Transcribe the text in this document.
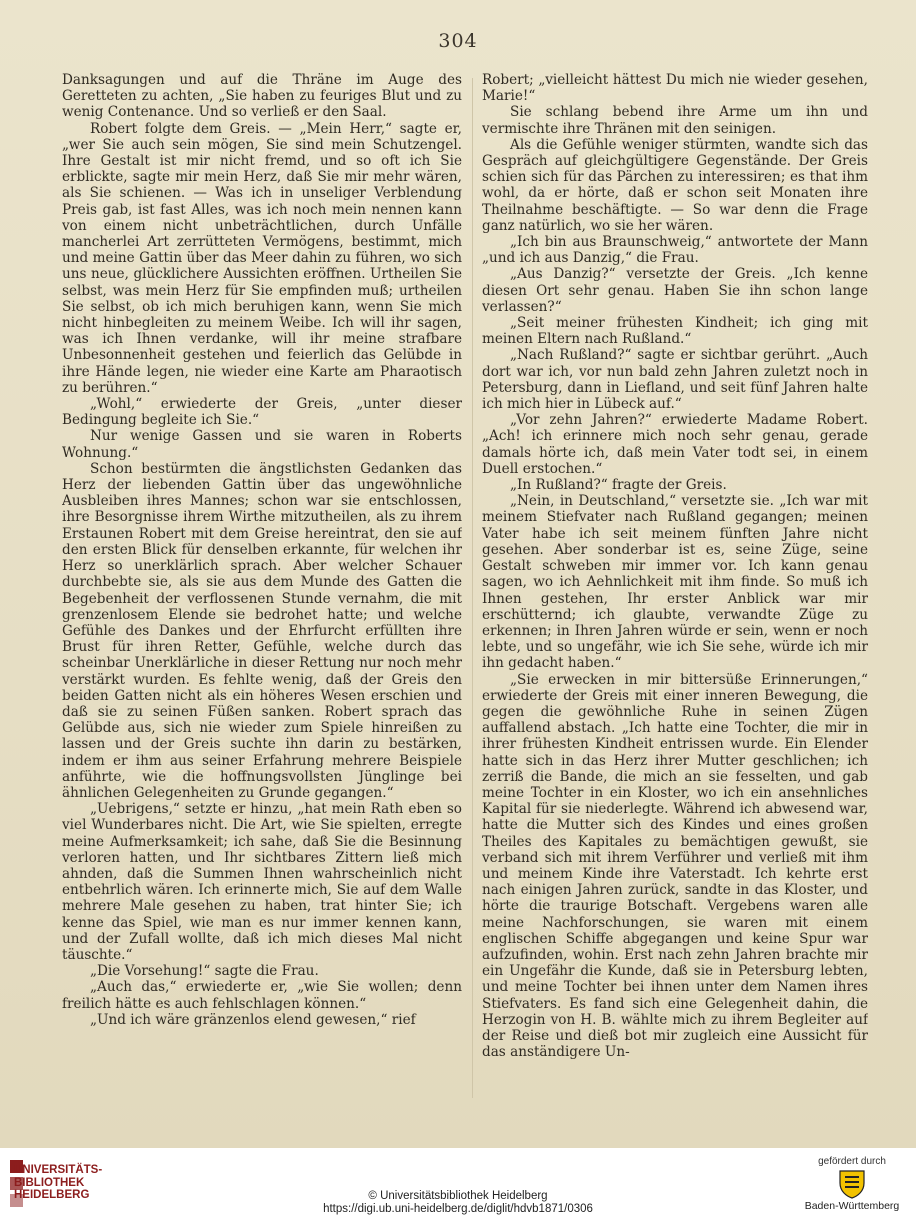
304

Danksagungen und auf die Thräne im Auge des Geretteten zu achten, „Sie haben zu feuriges Blut und zu wenig Contenance. Und so verließ er den Saal.

Robert folgte dem Greis. — „Mein Herr,“ sagte er, „wer Sie auch sein mögen, Sie sind mein Schutzengel. Ihre Gestalt ist mir nicht fremd, und so oft ich Sie erblickte, sagte mir mein Herz, daß Sie mir mehr wären, als Sie schienen. — Was ich in unseliger Verblendung Preis gab, ist fast Alles, was ich noch mein nennen kann von einem nicht unbeträchtlichen, durch Unfälle mancherlei Art zerrütteten Vermögens, bestimmt, mich und meine Gattin über das Meer dahin zu führen, wo sich uns neue, glücklichere Aussichten eröffnen. Urtheilen Sie selbst, was mein Herz für Sie empfinden muß; urtheilen Sie selbst, ob ich mich beruhigen kann, wenn Sie mich nicht hinbegleiten zu meinem Weibe. Ich will ihr sagen, was ich Ihnen verdanke, will ihr meine strafbare Unbesonnenheit gestehen und feierlich das Gelübde in ihre Hände legen, nie wieder eine Karte am Pharaotisch zu berühren.“

„Wohl,“ erwiederte der Greis, „unter dieser Bedingung begleite ich Sie.“

Nur wenige Gassen und sie waren in Roberts Wohnung.“

Schon bestürmten die ängstlichsten Gedanken das Herz der liebenden Gattin über das ungewöhnliche Ausbleiben ihres Mannes; schon war sie entschlossen, ihre Besorgnisse ihrem Wirthe mitzutheilen, als zu ihrem Erstaunen Robert mit dem Greise hereintrat, den sie auf den ersten Blick für denselben erkannte, für welchen ihr Herz so unerklärlich sprach. Aber welcher Schauer durchbebte sie, als sie aus dem Munde des Gatten die Begebenheit der verflossenen Stunde vernahm, die mit grenzenlosem Elende sie bedrohet hatte; und welche Gefühle des Dankes und der Ehrfurcht erfüllten ihre Brust für ihren Retter, Gefühle, welche durch das scheinbar Unerklärliche in dieser Rettung nur noch mehr verstärkt wurden. Es fehlte wenig, daß der Greis den beiden Gatten nicht als ein höheres Wesen erschien und daß sie zu seinen Füßen sanken. Robert sprach das Gelübde aus, sich nie wieder zum Spiele hinreißen zu lassen und der Greis suchte ihn darin zu bestärken, indem er ihm aus seiner Erfahrung mehrere Beispiele anführte, wie die hoffnungsvollsten Jünglinge bei ähnlichen Gelegenheiten zu Grunde gegangen.“

„Uebrigens,“ setzte er hinzu, „hat mein Rath eben so viel Wunderbares nicht. Die Art, wie Sie spielten, erregte meine Aufmerksamkeit; ich sahe, daß Sie die Besinnung verloren hatten, und Ihr sichtbares Zittern ließ mich ahnden, daß die Summen Ihnen wahrscheinlich nicht entbehrlich wären. Ich erinnerte mich, Sie auf dem Walle mehrere Male gesehen zu haben, trat hinter Sie; ich kenne das Spiel, wie man es nur immer kennen kann, und der Zufall wollte, daß ich mich dieses Mal nicht täuschte.“

„Die Vorsehung!“ sagte die Frau.

„Auch das,“ erwiederte er, „wie Sie wollen; denn freilich hätte es auch fehlschlagen können.“

„Und ich wäre gränzenlos elend gewesen,“ rief

Robert; „vielleicht hättest Du mich nie wieder gesehen, Marie!“

Sie schlang bebend ihre Arme um ihn und vermischte ihre Thränen mit den seinigen.

Als die Gefühle weniger stürmten, wandte sich das Gespräch auf gleichgültigere Gegenstände. Der Greis schien sich für das Pärchen zu interessiren; es that ihm wohl, da er hörte, daß er schon seit Monaten ihre Theilnahme beschäftigte. — So war denn die Frage ganz natürlich, wo sie her wären.

„Ich bin aus Braunschweig,“ antwortete der Mann „und ich aus Danzig,“ die Frau.

„Aus Danzig?“ versetzte der Greis. „Ich kenne diesen Ort sehr genau. Haben Sie ihn schon lange verlassen?“

„Seit meiner frühesten Kindheit; ich ging mit meinen Eltern nach Rußland.“

„Nach Rußland?“ sagte er sichtbar gerührt. „Auch dort war ich, vor nun bald zehn Jahren zuletzt noch in Petersburg, dann in Liefland, und seit fünf Jahren halte ich mich hier in Lübeck auf.“

„Vor zehn Jahren?“ erwiederte Madame Robert. „Ach! ich erinnere mich noch sehr genau, gerade damals hörte ich, daß mein Vater todt sei, in einem Duell erstochen.“

„In Rußland?“ fragte der Greis.

„Nein, in Deutschland,“ versetzte sie. „Ich war mit meinem Stiefvater nach Rußland gegangen; meinen Vater habe ich seit meinem fünften Jahre nicht gesehen. Aber sonderbar ist es, seine Züge, seine Gestalt schweben mir immer vor. Ich kann genau sagen, wo ich Aehnlichkeit mit ihm finde. So muß ich Ihnen gestehen, Ihr erster Anblick war mir erschütternd; ich glaubte, verwandte Züge zu erkennen; in Ihren Jahren würde er sein, wenn er noch lebte, und so ungefähr, wie ich Sie sehe, würde ich mir ihn gedacht haben.“

„Sie erwecken in mir bittersüße Erinnerungen,“ erwiederte der Greis mit einer inneren Bewegung, die gegen die gewöhnliche Ruhe in seinen Zügen auffallend abstach. „Ich hatte eine Tochter, die mir in ihrer frühesten Kindheit entrissen wurde. Ein Elender hatte sich in das Herz ihrer Mutter geschlichen; ich zerriß die Bande, die mich an sie fesselten, und gab meine Tochter in ein Kloster, wo ich ein ansehnliches Kapital für sie niederlegte. Während ich abwesend war, hatte die Mutter sich des Kindes und eines großen Theiles des Kapitales zu bemächtigen gewußt, sie verband sich mit ihrem Verführer und verließ mit ihm und meinem Kinde ihre Vaterstadt. Ich kehrte erst nach einigen Jahren zurück, sandte in das Kloster, und hörte die traurige Botschaft. Vergebens waren alle meine Nachforschungen, sie waren mit einem englischen Schiffe abgegangen und keine Spur war aufzufinden, wohin. Erst nach zehn Jahren brachte mir ein Ungefähr die Kunde, daß sie in Petersburg lebten, und meine Tochter bei ihnen unter dem Namen ihres Stiefvaters. Es fand sich eine Gelegenheit dahin, die Herzogin von H. B. wählte mich zu ihrem Begleiter auf der Reise und dieß bot mir zugleich eine Aussicht für das anständigere Un-

UNIVERSITÄTS-
BIBLIOTHEK
HEIDELBERG	© Universitätsbibliothek Heidelberg
https://digi.ub.uni-heidelberg.de/diglit/hdvb1871/0306
gefördert durch
Baden-Württemberg
